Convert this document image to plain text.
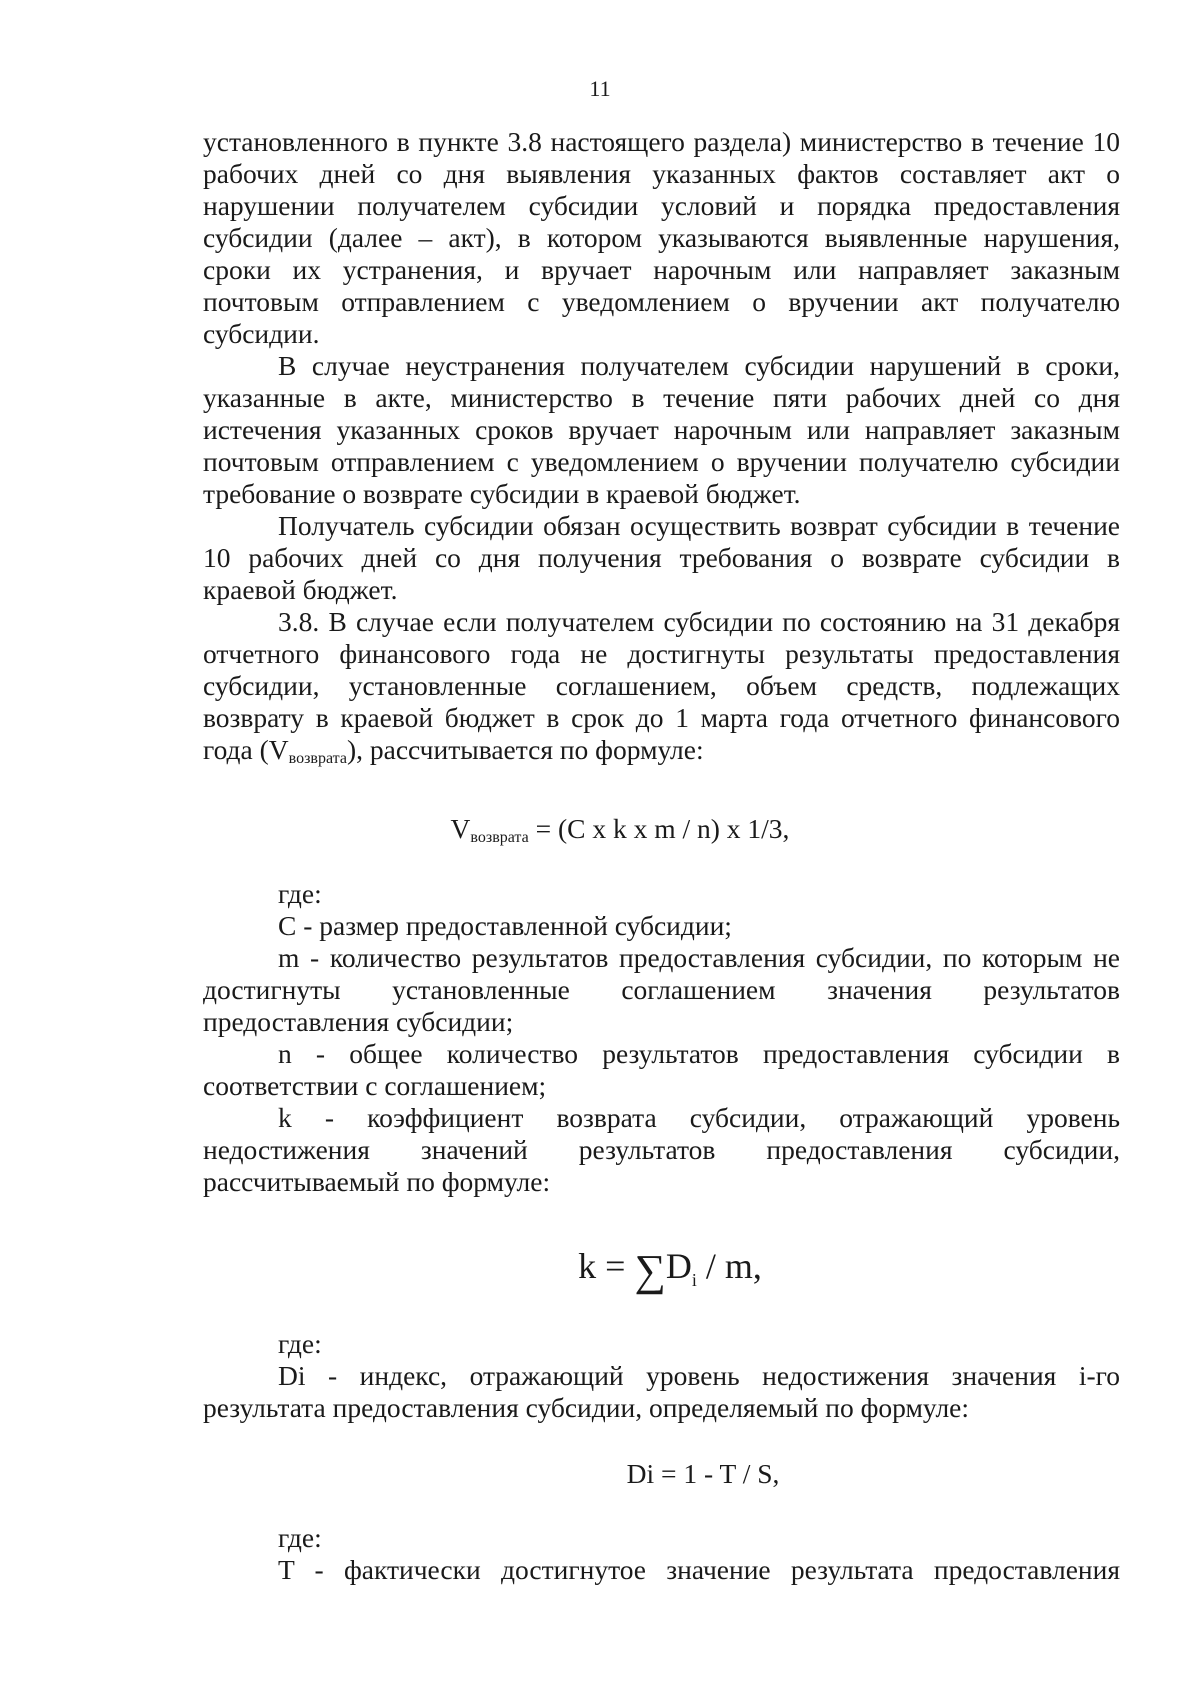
11
установленного в пункте 3.8 настоящего раздела) министерство в течение 10
рабочих дней со дня выявления указанных фактов составляет акт о
нарушении получателем субсидии условий и порядка предоставления
субсидии (далее – акт), в котором указываются выявленные нарушения,
сроки их устранения, и вручает нарочным или направляет заказным
почтовым отправлением с уведомлением о вручении акт получателю
субсидии.
В случае неустранения получателем субсидии нарушений в сроки,
указанные в акте, министерство в течение пяти рабочих дней со дня
истечения указанных сроков вручает нарочным или направляет заказным
почтовым отправлением с уведомлением о вручении получателю субсидии
требование о возврате субсидии в краевой бюджет.
Получатель субсидии обязан осуществить возврат субсидии в течение
10 рабочих дней со дня получения требования о возврате субсидии в
краевой бюджет.
3.8. В случае если получателем субсидии по состоянию на 31 декабря
отчетного финансового года не достигнуты результаты предоставления
субсидии, установленные соглашением, объем средств, подлежащих
возврату в краевой бюджет в срок до 1 марта года отчетного финансового
года $(V_{возврата})$, рассчитывается по формуле:
$V_{возврата} = (C$ x k x m / n) x 1/3,
где:
C - размер предоставленной субсидии;
m - количество результатов предоставления субсидии, по которым не
достигнуты установленные соглашением значения результатов
предоставления субсидии;
n - общее количество результатов предоставления субсидии в
соответствии с соглашением;
k - коэффициент возврата субсидии, отражающий уровень
недостижения значений результатов предоставления субсидии,
рассчитываемый по формуле:
$k = \sum D_i / m$,
где:
Di - индекс, отражающий уровень недостижения значения i-го
результата предоставления субсидии, определяемый по формуле:
Di = 1 - T / S,
где:
T - фактически достигнутое значение результата предоставления
